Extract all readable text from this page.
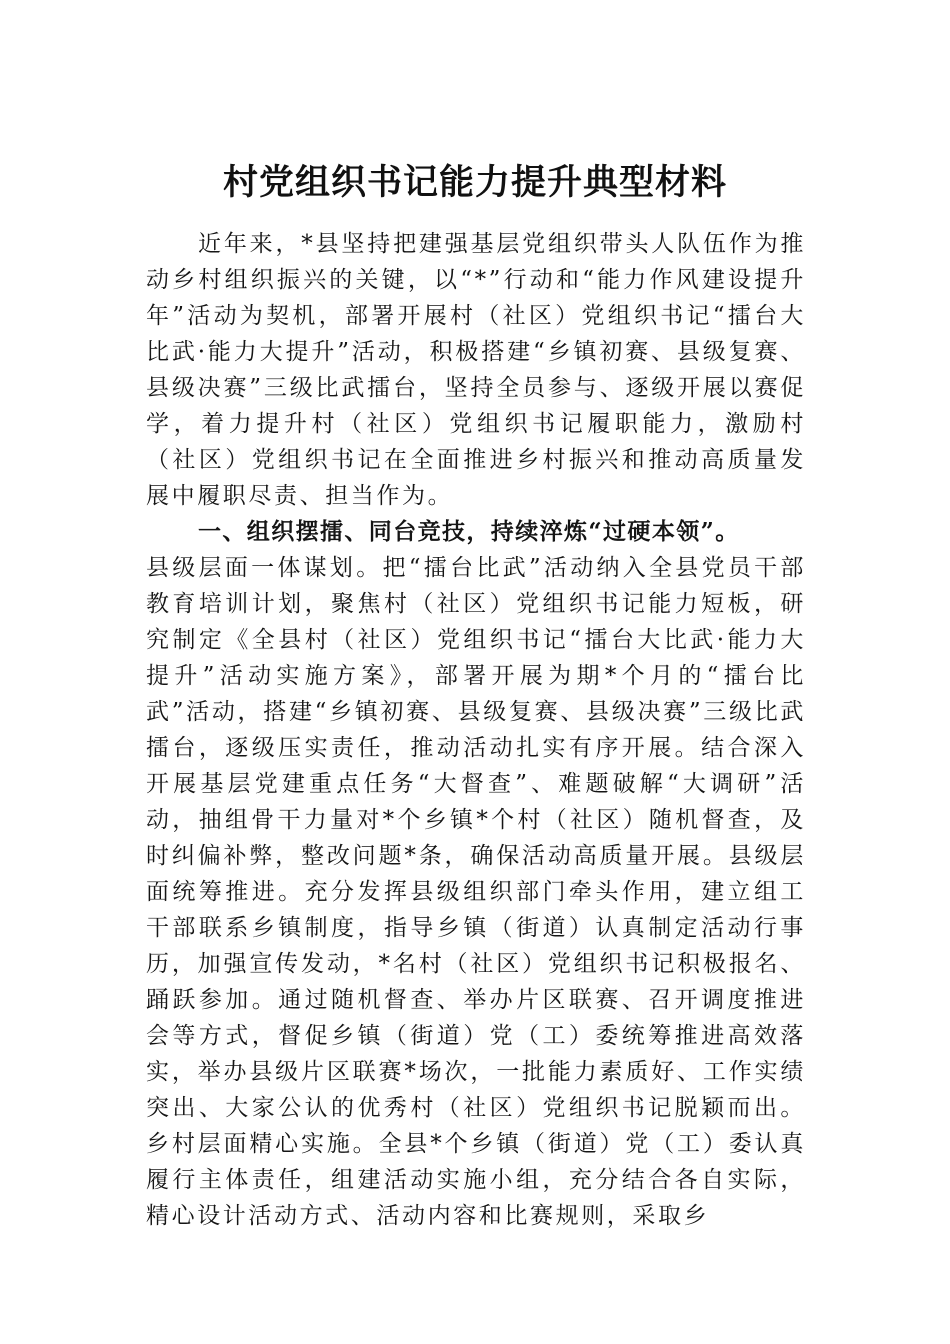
村党组织书记能力提升典型材料

近年来，*县坚持把建强基层党组织带头人队伍作为推动乡村组织振兴的关键，以“*”行动和“能力作风建设提升年”活动为契机，部署开展村（社区）党组织书记“擂台大比武·能力大提升”活动，积极搭建“乡镇初赛、县级复赛、县级决赛”三级比武擂台，坚持全员参与、逐级开展以赛促学，着力提升村（社区）党组织书记履职能力，激励村（社区）党组织书记在全面推进乡村振兴和推动高质量发展中履职尽责、担当作为。

一、组织摆擂、同台竞技，持续淬炼“过硬本领”。

县级层面一体谋划。把“擂台比武”活动纳入全县党员干部教育培训计划，聚焦村（社区）党组织书记能力短板，研究制定《全县村（社区）党组织书记“擂台大比武·能力大提升”活动实施方案》，部署开展为期*个月的“擂台比武”活动，搭建“乡镇初赛、县级复赛、县级决赛”三级比武擂台，逐级压实责任，推动活动扎实有序开展。结合深入开展基层党建重点任务“大督查”、难题破解“大调研”活动，抽组骨干力量对*个乡镇*个村（社区）随机督查，及时纠偏补弊，整改问题*条，确保活动高质量开展。县级层面统筹推进。充分发挥县级组织部门牵头作用，建立组工干部联系乡镇制度，指导乡镇（街道）认真制定活动行事历，加强宣传发动，*名村（社区）党组织书记积极报名、踊跃参加。通过随机督查、举办片区联赛、召开调度推进会等方式，督促乡镇（街道）党（工）委统筹推进高效落实，举办县级片区联赛*场次，一批能力素质好、工作实绩突出、大家公认的优秀村（社区）党组织书记脱颖而出。乡村层面精心实施。全县*个乡镇（街道）党（工）委认真履行主体责任，组建活动实施小组，充分结合各自实际，精心设计活动方式、活动内容和比赛规则，采取乡
